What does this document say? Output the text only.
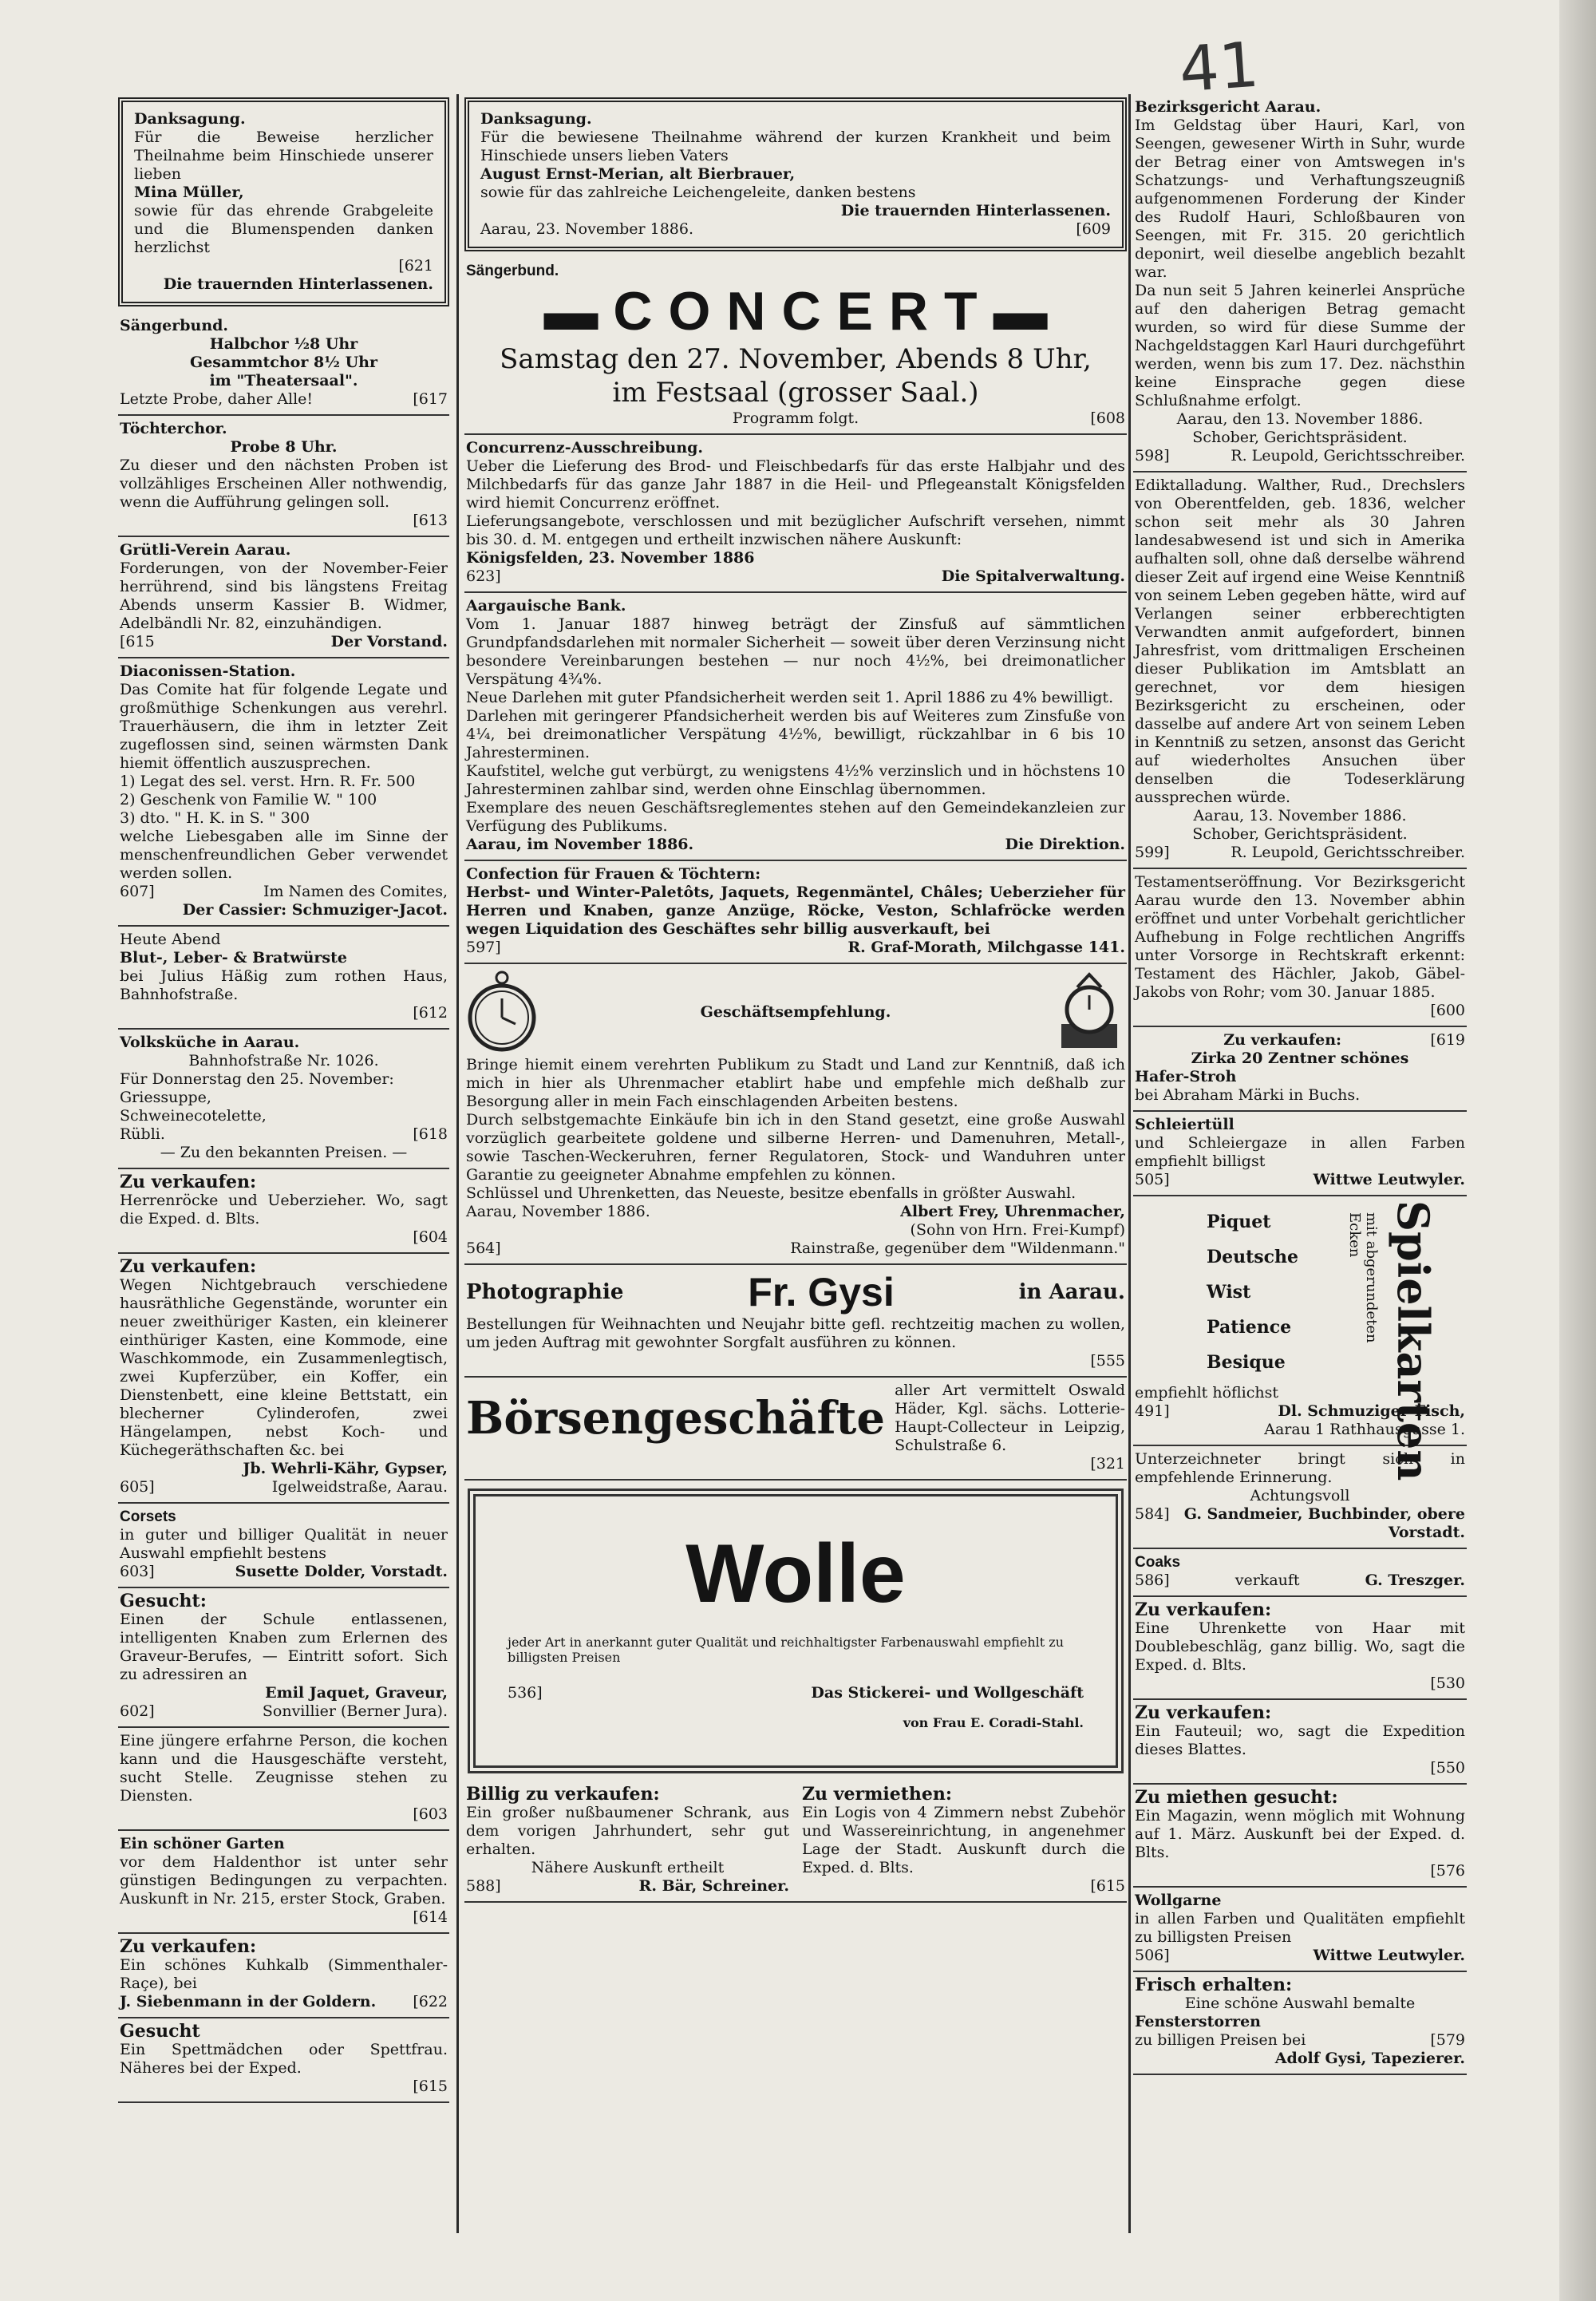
41

Danksagung.

Für die Beweise herzlicher Theilnahme beim Hinschiede unserer lieben

Mina Müller,

sowie für das ehrende Grabgeleite und die Blumenspenden danken herzlichst

[621

Die trauernden Hinterlassenen.

Sängerbund.

Halbchor ½8 Uhr

Gesammtchor 8½ Uhr

im "Theatersaal".

Letzte Probe, daher Alle!	[617

Töchterchor.

Probe 8 Uhr.

Zu dieser und den nächsten Proben ist vollzähliges Erscheinen Aller nothwendig, wenn die Aufführung gelingen soll.

[613

Grütli-Verein Aarau.

Forderungen, von der November-Feier herrührend, sind bis längstens Freitag Abends unserm Kassier B. Widmer, Adelbändli Nr. 82, einzuhändigen.

[615	Der Vorstand.

Diaconissen-Station.

Das Comite hat für folgende Legate und großmüthige Schenkungen aus verehrl. Trauerhäusern, die ihm in letzter Zeit zugeflossen sind, seinen wärmsten Dank hiemit öffentlich auszusprechen.

1) Legat des sel. verst. Hrn. R. Fr. 500

2) Geschenk von Familie W. " 100

3) dto. " H. K. in S. " 300

welche Liebesgaben alle im Sinne der menschenfreundlichen Geber verwendet werden sollen.

607]	Im Namen des Comites,

Der Cassier: Schmuziger-Jacot.

Heute Abend

Blut-, Leber- & Bratwürste

bei Julius Häßig zum rothen Haus, Bahnhofstraße.

[612

Volksküche in Aarau.

Bahnhofstraße Nr. 1026.

Für Donnerstag den 25. November:

Griessuppe,

Schweinecotelette,

Rübli.	[618

— Zu den bekannten Preisen. —

Zu verkaufen:

Herrenröcke und Ueberzieher. Wo, sagt die Exped. d. Blts.

[604

Zu verkaufen:

Wegen Nichtgebrauch verschiedene hausräthliche Gegenstände, worunter ein neuer zweithüriger Kasten, ein kleinerer einthüriger Kasten, eine Kommode, eine Waschkommode, ein Zusammenlegtisch, zwei Kupferzüber, ein Koffer, ein Dienstenbett, eine kleine Bettstatt, ein blecherner Cylinderofen, zwei Hängelampen, nebst Koch- und Küchegeräthschaften &c. bei

Jb. Wehrli-Kähr, Gypser,

605]	Igelweidstraße, Aarau.

Corsets

in guter und billiger Qualität in neuer Auswahl empfiehlt bestens

603]	Susette Dolder, Vorstadt.

Gesucht:

Einen der Schule entlassenen, intelligenten Knaben zum Erlernen des Graveur-Berufes, — Eintritt sofort. Sich zu adressiren an

Emil Jaquet, Graveur,

602]	Sonvillier (Berner Jura).

Eine jüngere erfahrne Person, die kochen kann und die Hausgeschäfte versteht, sucht Stelle. Zeugnisse stehen zu Diensten.

[603

Ein schöner Garten

vor dem Haldenthor ist unter sehr günstigen Bedingungen zu verpachten. Auskunft in Nr. 215, erster Stock, Graben.

[614

Zu verkaufen:

Ein schönes Kuhkalb (Simmenthaler-Raçe), bei

J. Siebenmann in der Goldern. [622

Gesucht

Ein Spettmädchen oder Spettfrau. Näheres bei der Exped.

[615

Danksagung.

Für die bewiesene Theilnahme während der kurzen Krankheit und beim Hinschiede unsers lieben Vaters

August Ernst-Merian, alt Bierbrauer,

sowie für das zahlreiche Leichengeleite, danken bestens

Die trauernden Hinterlassenen.

Aarau, 23. November 1886.	[609

Sängerbund.

▬ CONCERT▬

Samstag den 27. November, Abends 8 Uhr,

im Festsaal (grosser Saal.)

Programm folgt.	[608

Concurrenz-Ausschreibung.

Ueber die Lieferung des Brod- und Fleischbedarfs für das erste Halbjahr und des Milchbedarfs für das ganze Jahr 1887 in die Heil- und Pflegeanstalt Königsfelden wird hiemit Concurrenz eröffnet.

Lieferungsangebote, verschlossen und mit bezüglicher Aufschrift versehen, nimmt bis 30. d. M. entgegen und ertheilt inzwischen nähere Auskunft:

Königsfelden, 23. November 1886

623]	Die Spitalverwaltung.

Aargauische Bank.

Vom 1. Januar 1887 hinweg beträgt der Zinsfuß auf sämmtlichen Grundpfandsdarlehen mit normaler Sicherheit — soweit über deren Verzinsung nicht besondere Vereinbarungen bestehen — nur noch 4½%, bei dreimonatlicher Verspätung 4¾%.

Neue Darlehen mit guter Pfandsicherheit werden seit 1. April 1886 zu 4% bewilligt.

Darlehen mit geringerer Pfandsicherheit werden bis auf Weiteres zum Zinsfuße von 4¼, bei dreimonatlicher Verspätung 4½%, bewilligt, rückzahlbar in 6 bis 10 Jahresterminen.

Kaufstitel, welche gut verbürgt, zu wenigstens 4½% verzinslich und in höchstens 10 Jahresterminen zahlbar sind, werden ohne Einschlag übernommen.

Exemplare des neuen Geschäftsreglementes stehen auf den Gemeindekanzleien zur Verfügung des Publikums.

Aarau, im November 1886.	Die Direktion.

Confection für Frauen & Töchtern:

Herbst- und Winter-Paletôts, Jaquets, Regenmäntel, Châles; Ueberzieher für Herren und Knaben, ganze Anzüge, Röcke, Veston, Schlafröcke werden wegen Liquidation des Geschäftes sehr billig ausverkauft, bei

597]	R. Graf-Morath, Milchgasse 141.

Geschäftsempfehlung.

Bringe hiemit einem verehrten Publikum zu Stadt und Land zur Kenntniß, daß ich mich in hier als Uhrenmacher etablirt habe und empfehle mich deßhalb zur Besorgung aller in mein Fach einschlagenden Arbeiten bestens.

Durch selbstgemachte Einkäufe bin ich in den Stand gesetzt, eine große Auswahl vorzüglich gearbeitete goldene und silberne Herren- und Damenuhren, Metall-, sowie Taschen-Weckeruhren, ferner Regulatoren, Stock- und Wanduhren unter Garantie zu geeigneter Abnahme empfehlen zu können.

Schlüssel und Uhrenketten, das Neueste, besitze ebenfalls in größter Auswahl.

Aarau, November 1886.	Albert Frey, Uhrenmacher,

(Sohn von Hrn. Frei-Kumpf)

564]	Rainstraße, gegenüber dem "Wildenmann."
Photographie	Fr. Gysi	in Aarau.

Bestellungen für Weihnachten und Neujahr bitte gefl. rechtzeitig machen zu wollen, um jeden Auftrag mit gewohnter Sorgfalt ausführen zu können.

[555

Börsengeschäfte

aller Art vermittelt Oswald Häder, Kgl. sächs. Lotterie-Haupt-Collecteur in Leipzig, Schulstraße 6.

[321

Wolle

jeder Art in anerkannt guter Qualität und reichhaltigster Farbenauswahl empfiehlt zu billigsten Preisen

536]	Das Stickerei- und Wollgeschäft

von Frau E. Coradi-Stahl.

Billig zu verkaufen:

Ein großer nußbaumener Schrank, aus dem vorigen Jahrhundert, sehr gut erhalten.

Nähere Auskunft ertheilt

588]	R. Bär, Schreiner.

Zu vermiethen:

Ein Logis von 4 Zimmern nebst Zubehör und Wassereinrichtung, in angenehmer Lage der Stadt. Auskunft durch die Exped. d. Blts.

[615

Bezirksgericht Aarau.

Im Geldstag über Hauri, Karl, von Seengen, gewesener Wirth in Suhr, wurde der Betrag einer von Amtswegen in's Schatzungs- und Verhaftungszeugniß aufgenommenen Forderung der Kinder des Rudolf Hauri, Schloßbauren von Seengen, mit Fr. 315. 20 gerichtlich deponirt, weil dieselbe angeblich bezahlt war.

Da nun seit 5 Jahren keinerlei Ansprüche auf den daherigen Betrag gemacht wurden, so wird für diese Summe der Nachgeldstaggen Karl Hauri durchgeführt werden, wenn bis zum 17. Dez. nächsthin keine Einsprache gegen diese Schlußnahme erfolgt.

Aarau, den 13. November 1886.

Schober, Gerichtspräsident.

598]	R. Leupold, Gerichtsschreiber.

Ediktalladung. Walther, Rud., Drechslers von Oberentfelden, geb. 1836, welcher schon seit mehr als 30 Jahren landesabwesend ist und sich in Amerika aufhalten soll, ohne daß derselbe während dieser Zeit auf irgend eine Weise Kenntniß von seinem Leben gegeben hätte, wird auf Verlangen seiner erbberechtigten Verwandten anmit aufgefordert, binnen Jahresfrist, vom drittmaligen Erscheinen dieser Publikation im Amtsblatt an gerechnet, vor dem hiesigen Bezirksgericht zu erscheinen, oder dasselbe auf andere Art von seinem Leben in Kenntniß zu setzen, ansonst das Gericht auf wiederholtes Ansuchen über denselben die Todeserklärung aussprechen würde.

Aarau, 13. November 1886.

Schober, Gerichtspräsident.

599]	R. Leupold, Gerichtsschreiber.

Testamentseröffnung. Vor Bezirksgericht Aarau wurde den 13. November abhin eröffnet und unter Vorbehalt gerichtlicher Aufhebung in Folge rechtlichen Angriffs unter Vorsorge in Rechtskraft erkennt: Testament des Hächler, Jakob, Gäbel-Jakobs von Rohr; vom 30. Januar 1885.

[600

Zu verkaufen:	[619

Zirka 20 Zentner schönes

Hafer-Stroh

bei Abraham Märki in Buchs.

Schleiertüll

und Schleiergaze in allen Farben empfiehlt billigst

505]	Wittwe Leutwyler.
Piquet
Deutsche
Wist
Patience
Besique
mit abgerundeten Ecken Spielkarten

empfiehlt höflichst

491]	Dl. Schmuziger-Fisch,

Aarau 1 Rathhausgasse 1.

Unterzeichneter bringt sich in empfehlende Erinnerung.

Achtungsvoll

584] G. Sandmeier, Buchbinder, obere Vorstadt.

Coaks

586]	verkauft	G. Treszger.

Zu verkaufen:

Eine Uhrenkette von Haar mit Doublebeschläg, ganz billig. Wo, sagt die Exped. d. Blts.

[530

Zu verkaufen:

Ein Fauteuil; wo, sagt die Expedition dieses Blattes.

[550

Zu miethen gesucht:

Ein Magazin, wenn möglich mit Wohnung auf 1. März. Auskunft bei der Exped. d. Blts.

[576

Wollgarne

in allen Farben und Qualitäten empfiehlt zu billigsten Preisen

506]	Wittwe Leutwyler.

Frisch erhalten:

Eine schöne Auswahl bemalte

Fensterstorren

zu billigen Preisen bei	[579

Adolf Gysi, Tapezierer.
